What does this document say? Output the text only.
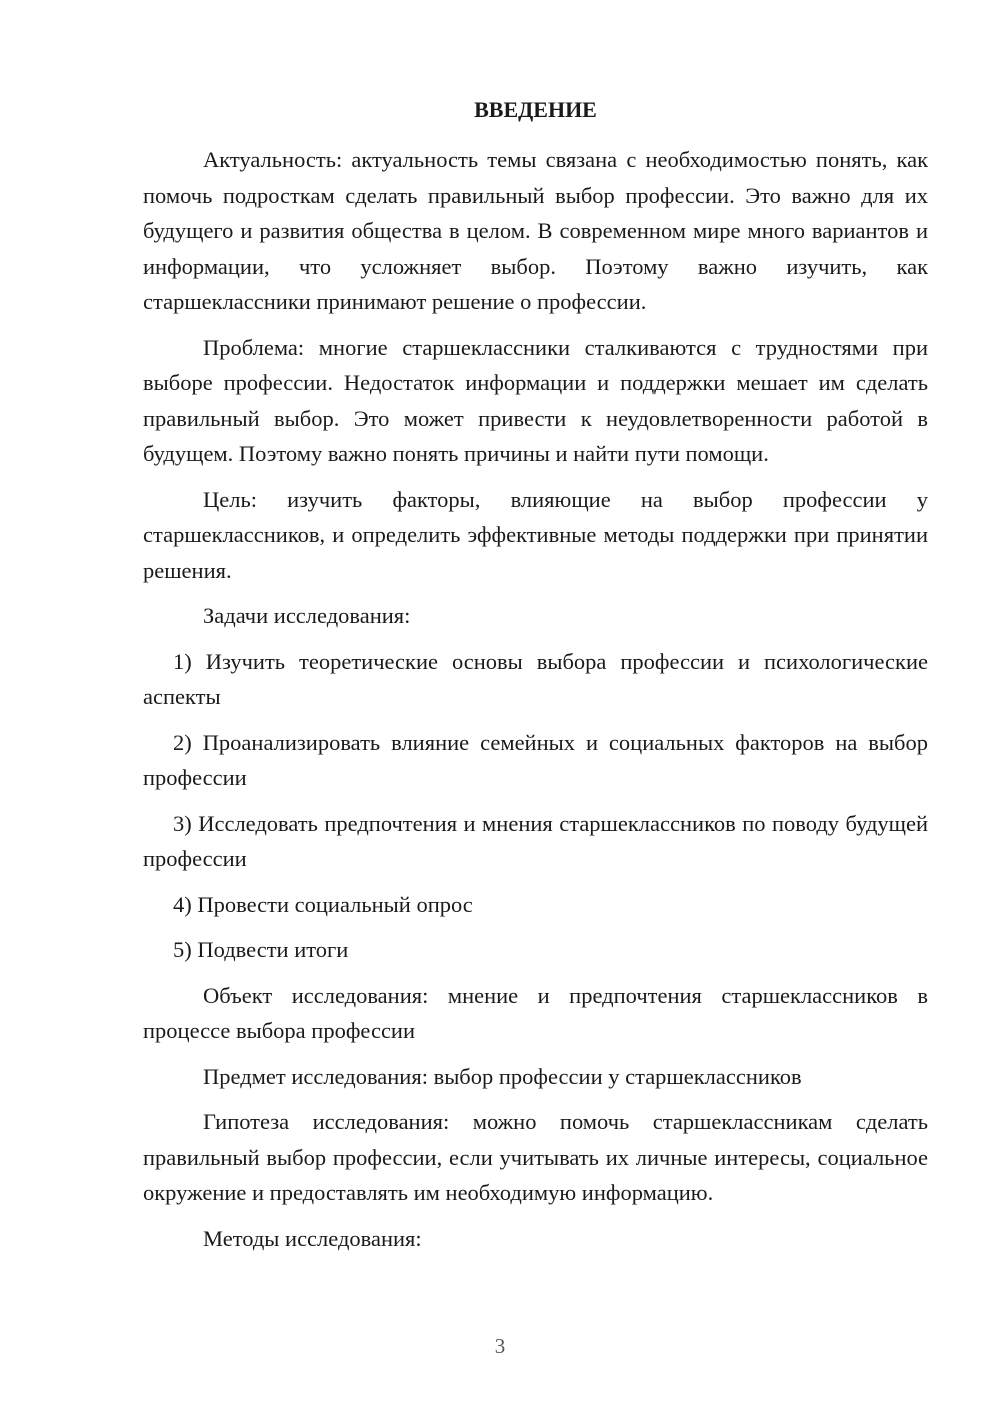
ВВЕДЕНИЕ

Актуальность: актуальность темы связана с необходимостью понять, как помочь подросткам сделать правильный выбор профессии. Это важно для их будущего и развития общества в целом. В современном мире много вариантов и информации, что усложняет выбор. Поэтому важно изучить, как старшеклассники принимают решение о профессии.

Проблема: многие старшеклассники сталкиваются с трудностями при выборе профессии. Недостаток информации и поддержки мешает им сделать правильный выбор. Это может привести к неудовлетворенности работой в будущем. Поэтому важно понять причины и найти пути помощи.

Цель: изучить факторы, влияющие на выбор профессии у старшеклассников, и определить эффективные методы поддержки при принятии решения.

Задачи исследования:

1) Изучить теоретические основы выбора профессии и психологические аспекты

2) Проанализировать влияние семейных и социальных факторов на выбор профессии

3) Исследовать предпочтения и мнения старшеклассников по поводу будущей профессии

4) Провести социальный опрос

5) Подвести итоги

Объект исследования: мнение и предпочтения старшеклассников в процессе выбора профессии

Предмет исследования: выбор профессии у старшеклассников

Гипотеза исследования: можно помочь старшеклассникам сделать правильный выбор профессии, если учитывать их личные интересы, социальное окружение и предоставлять им необходимую информацию.

Методы исследования:

3
